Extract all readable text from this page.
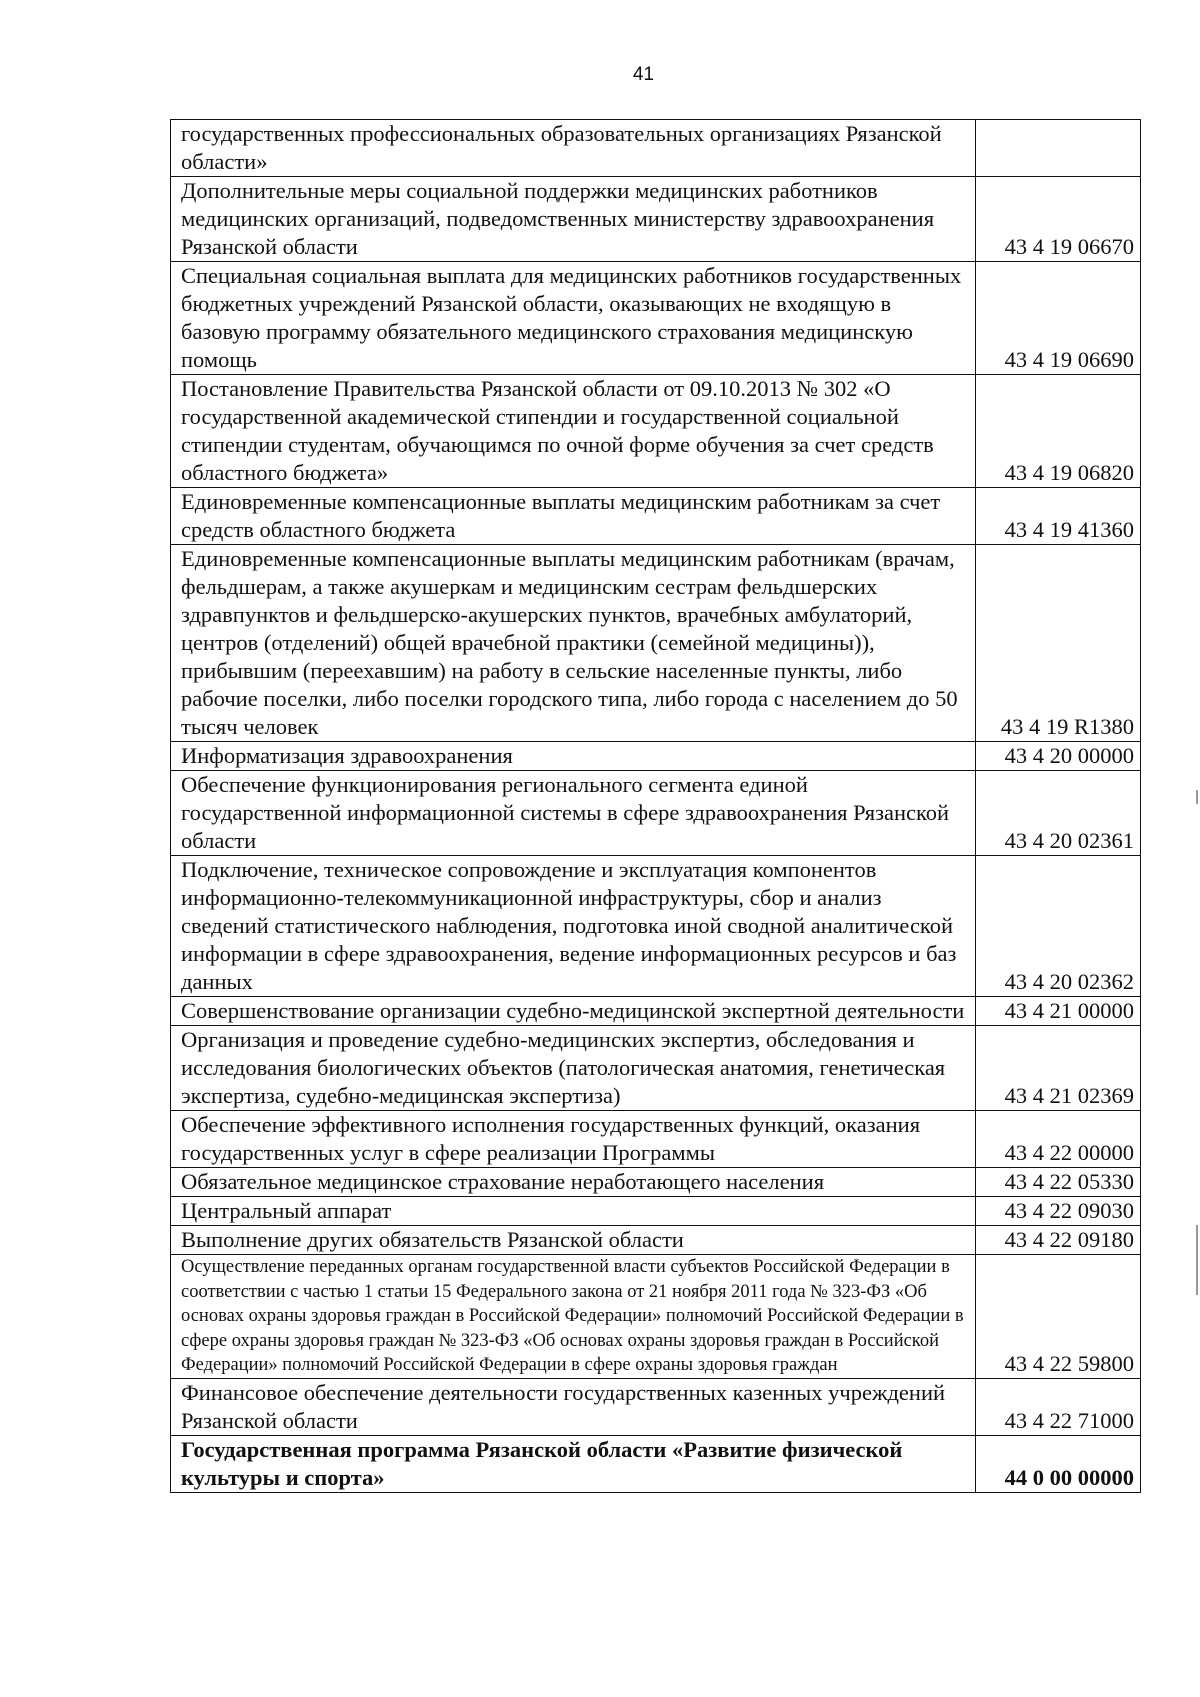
41
государственных профессиональных образовательных организациях Рязанской области»	
Дополнительные меры социальной поддержки медицинских работников медицинских организаций, подведомственных министерству здравоохранения Рязанской области	43 4 19 06670
Специальная социальная выплата для медицинских работников государственных бюджетных учреждений Рязанской области, оказывающих не входящую в базовую программу обязательного медицинского страхования медицинскую помощь	43 4 19 06690
Постановление Правительства Рязанской области от 09.10.2013 № 302 «О государственной академической стипендии и государственной социальной стипендии студентам, обучающимся по очной форме обучения за счет средств областного бюджета»	43 4 19 06820
Единовременные компенсационные выплаты медицинским работникам за счет средств областного бюджета	43 4 19 41360
Единовременные компенсационные выплаты медицинским работникам (врачам, фельдшерам, а также акушеркам и медицинским сестрам фельдшерских здравпунктов и фельдшерско-акушерских пунктов, врачебных амбулаторий, центров (отделений) общей врачебной практики (семейной медицины)), прибывшим (переехавшим) на работу в сельские населенные пункты, либо рабочие поселки, либо поселки городского типа, либо города с населением до 50 тысяч человек	43 4 19 R1380
Информатизация здравоохранения	43 4 20 00000
Обеспечение функционирования регионального сегмента единой государственной информационной системы в сфере здравоохранения Рязанской области	43 4 20 02361
Подключение, техническое сопровождение и эксплуатация компонентов информационно-телекоммуникационной инфраструктуры, сбор и анализ сведений статистического наблюдения, подготовка иной сводной аналитической информации в сфере здравоохранения, ведение информационных ресурсов и баз данных	43 4 20 02362
Совершенствование организации судебно-медицинской экспертной деятельности	43 4 21 00000
Организация и проведение судебно-медицинских экспертиз, обследования и исследования биологических объектов (патологическая анатомия, генетическая экспертиза, судебно-медицинская экспертиза)	43 4 21 02369
Обеспечение эффективного исполнения государственных функций, оказания государственных услуг в сфере реализации Программы	43 4 22 00000
Обязательное медицинское страхование неработающего населения	43 4 22 05330
Центральный аппарат	43 4 22 09030
Выполнение других обязательств Рязанской области	43 4 22 09180
Осуществление переданных органам государственной власти субъектов Российской Федерации в соответствии с частью 1 статьи 15 Федерального закона от 21 ноября 2011 года № 323-ФЗ «Об основах охраны здоровья граждан в Российской Федерации» полномочий Российской Федерации в сфере охраны здоровья граждан № 323-ФЗ «Об основах охраны здоровья граждан в Российской Федерации» полномочий Российской Федерации в сфере охраны здоровья граждан	43 4 22 59800
Финансовое обеспечение деятельности государственных казенных учреждений Рязанской области	43 4 22 71000
Государственная программа Рязанской области «Развитие физической культуры и спорта»	44 0 00 00000
